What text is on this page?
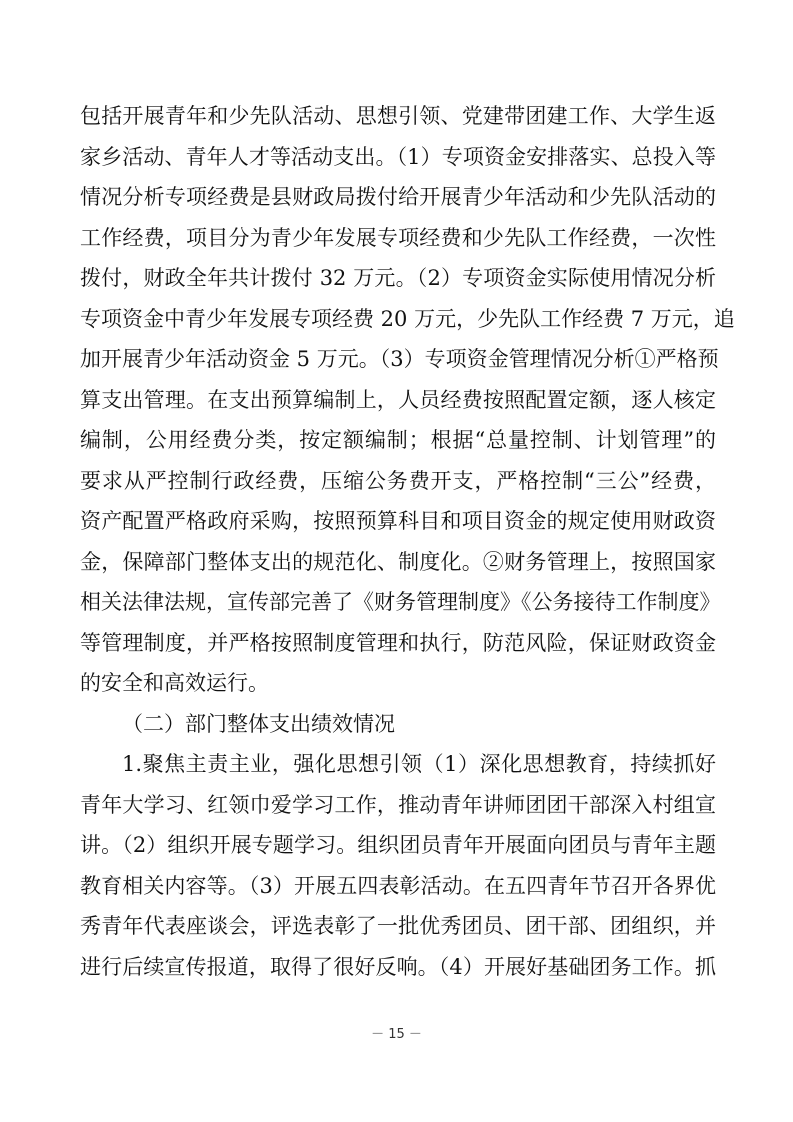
包括开展青年和少先队活动、思想引领、党建带团建工作、大学生返
家乡活动、青年人才等活动支出。（1）专项资金安排落实、总投入等
情况分析专项经费是县财政局拨付给开展青少年活动和少先队活动的
工作经费，项目分为青少年发展专项经费和少先队工作经费，一次性
拨付，财政全年共计拨付 32 万元。（2）专项资金实际使用情况分析
专项资金中青少年发展专项经费 20 万元，少先队工作经费 7 万元，追
加开展青少年活动资金 5 万元。（3）专项资金管理情况分析①严格预
算支出管理。在支出预算编制上，人员经费按照配置定额，逐人核定
编制，公用经费分类，按定额编制；根据“总量控制、计划管理”的
要求从严控制行政经费，压缩公务费开支，严格控制“三公”经费，
资产配置严格政府采购，按照预算科目和项目资金的规定使用财政资
金，保障部门整体支出的规范化、制度化。②财务管理上，按照国家
相关法律法规，宣传部完善了《财务管理制度》《公务接待工作制度》
等管理制度，并严格按照制度管理和执行，防范风险，保证财政资金
的安全和高效运行。
（二）部门整体支出绩效情况
1.聚焦主责主业，强化思想引领（1）深化思想教育，持续抓好
青年大学习、红领巾爱学习工作，推动青年讲师团团干部深入村组宣
讲。（2）组织开展专题学习。组织团员青年开展面向团员与青年主题
教育相关内容等。（3）开展五四表彰活动。在五四青年节召开各界优
秀青年代表座谈会，评选表彰了一批优秀团员、团干部、团组织，并
进行后续宣传报道，取得了很好反响。（4）开展好基础团务工作。抓
－ 15 －
